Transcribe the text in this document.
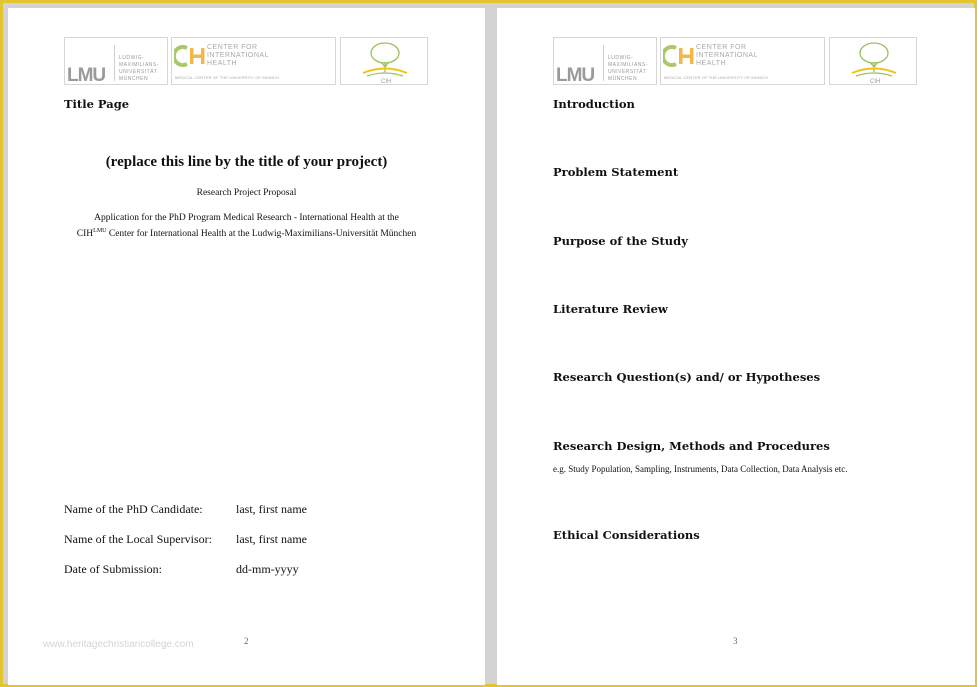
LMU
LUDWIG-
MAXIMILIANS-
UNIVERSITÄT
MÜNCHEN
CENTER FOR
INTERNATIONAL
HEALTH
MEDICAL CENTER OF THE UNIVERSITY OF MUNICH
CIH
Title Page
(replace this line by the title of your project)
Research Project Proposal
Application for the PhD Program Medical Research - International Health at the
$CIH^{LMU}$ Center for International Health at the Ludwig-Maximilians-Universität München
Name of the PhD Candidate:	last, first name
Name of the Local Supervisor: last, first name
Date of Submission:	dd-mm-yyyy
www.heritagechristiancollege.com	2
LMU
LUDWIG-
MAXIMILIANS-
UNIVERSITÄT
MÜNCHEN
CENTER FOR
INTERNATIONAL
HEALTH
MEDICAL CENTER OF THE UNIVERSITY OF MUNICH
CIH
Introduction
Problem Statement
Purpose of the Study
Literature Review
Research Question(s) and/ or Hypotheses
Research Design, Methods and Procedures
e.g. Study Population, Sampling, Instruments, Data Collection, Data Analysis etc.
Ethical Considerations
3
